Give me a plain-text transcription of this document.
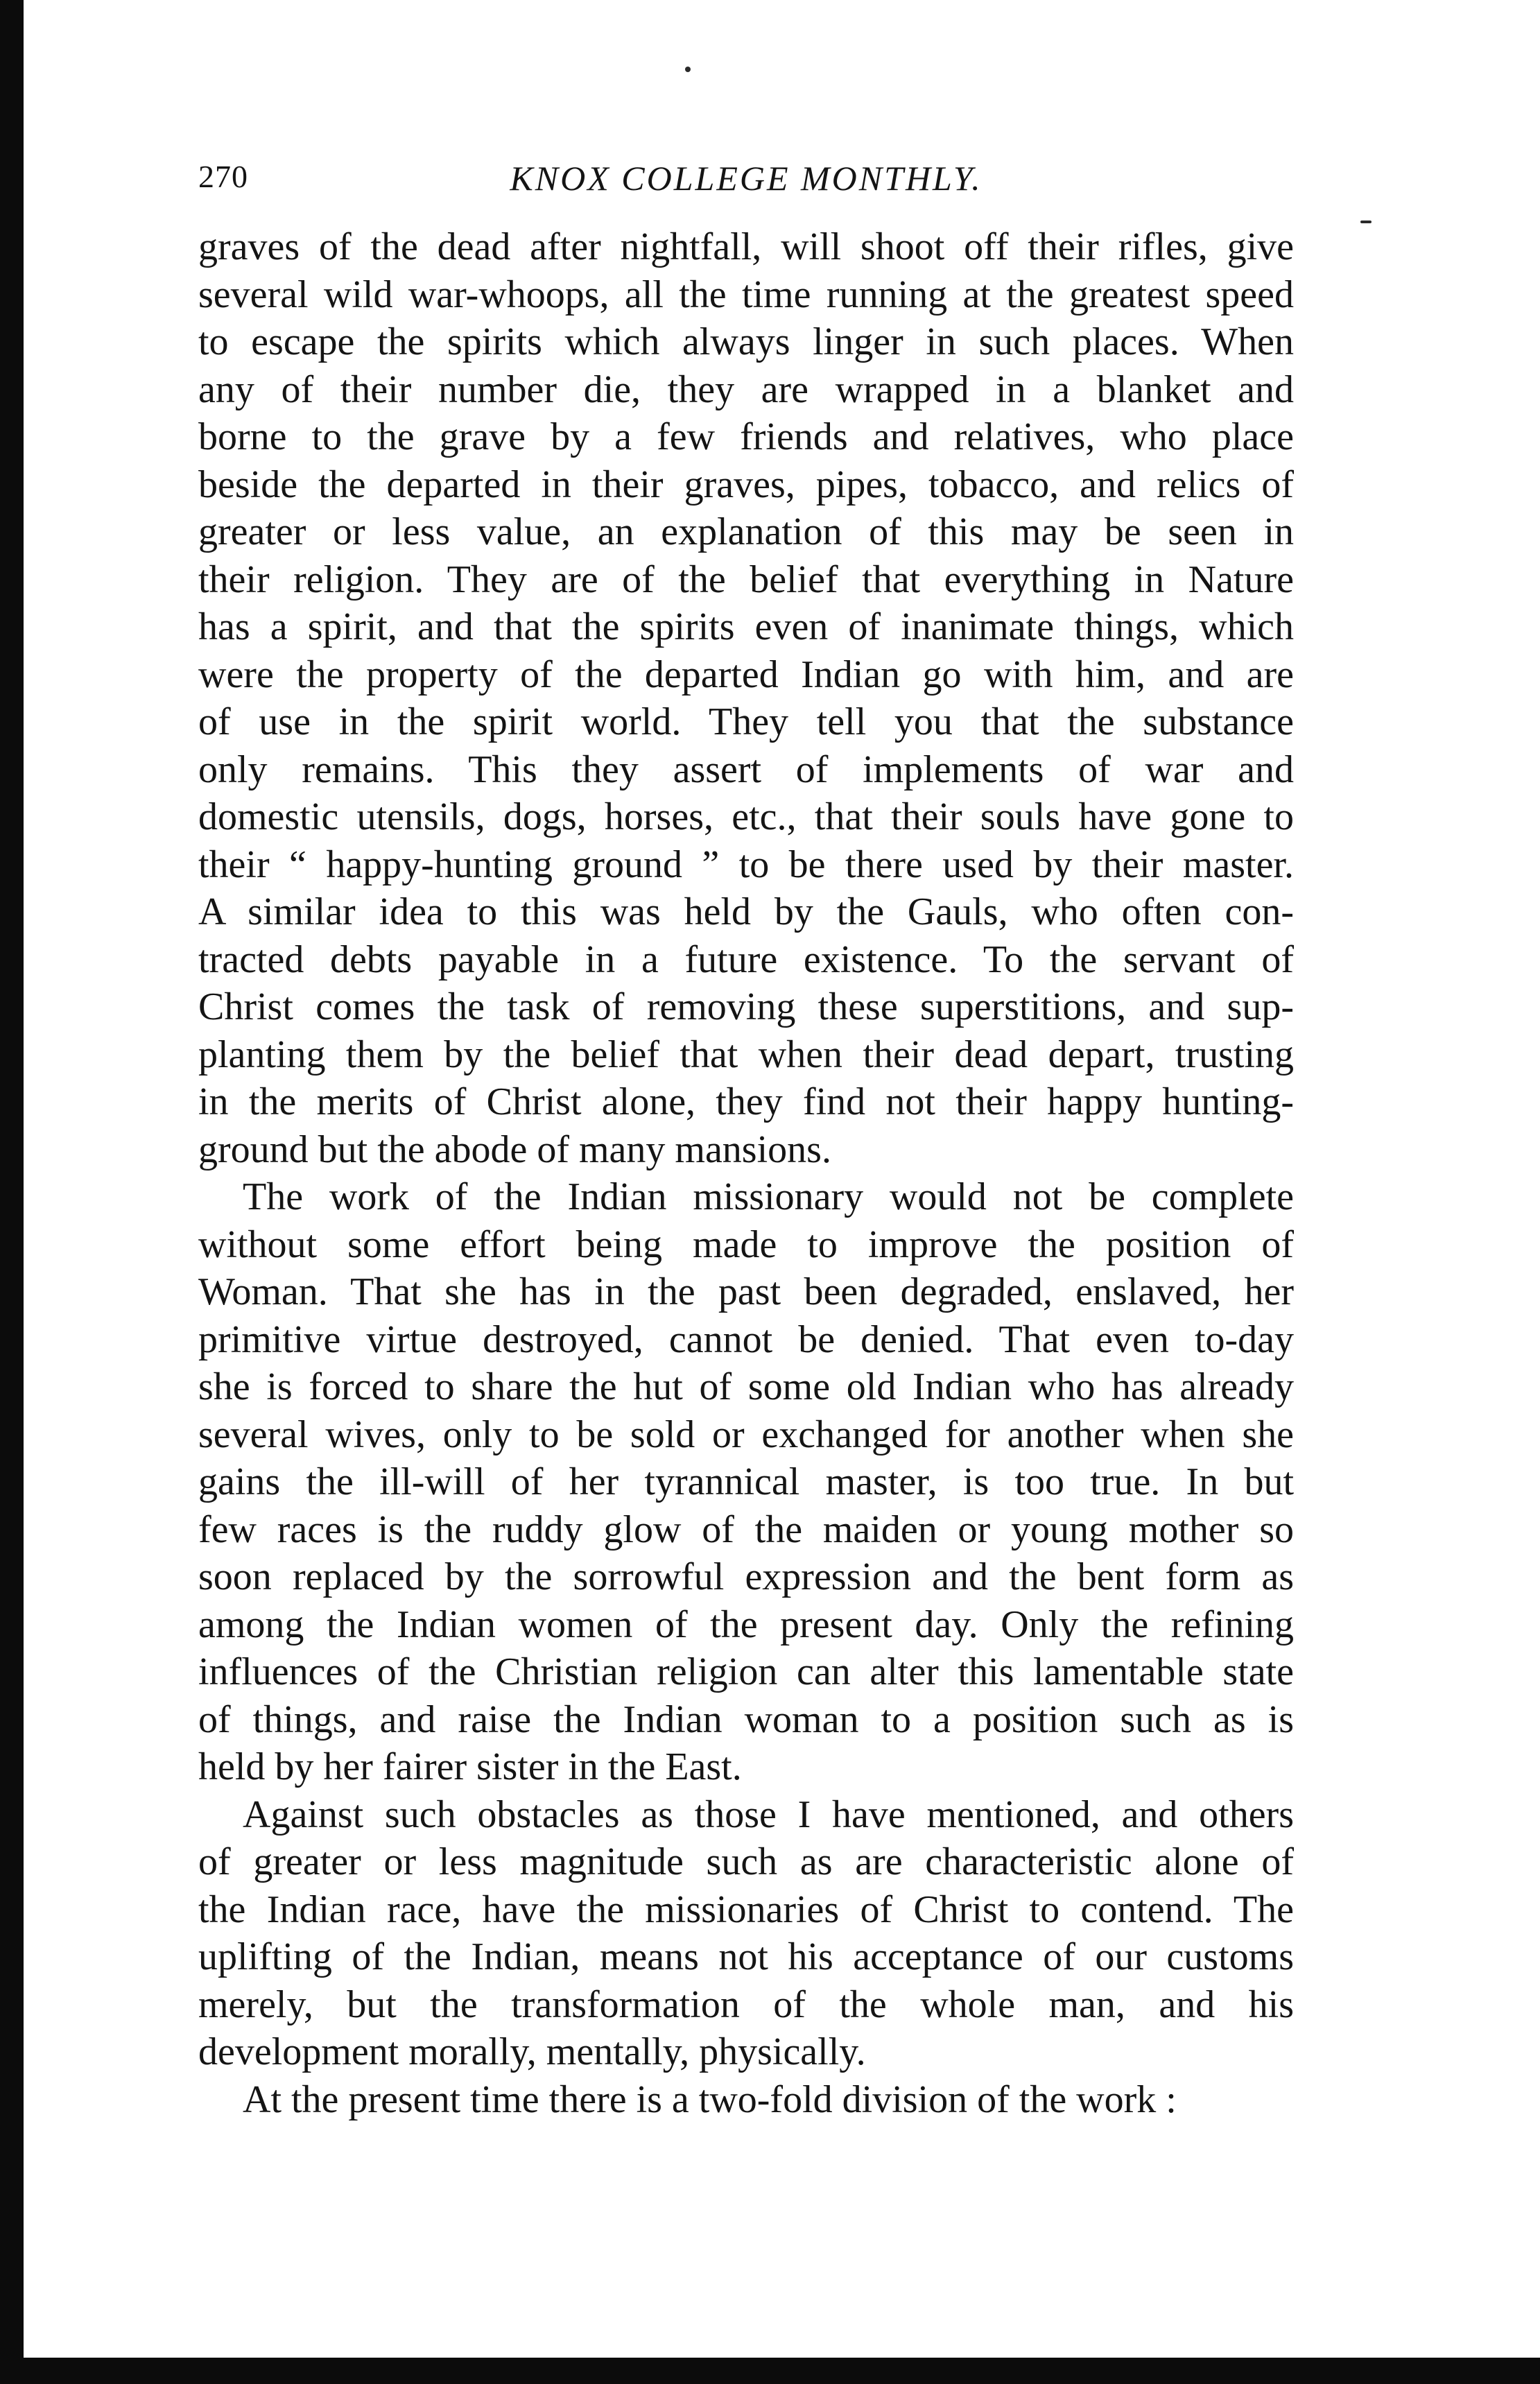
270	KNOX COLLEGE MONTHLY.

graves of the dead after nightfall, will shoot off their rifles, give
several wild war-whoops, all the time running at the greatest speed
to escape the spirits which always linger in such places. When
any of their number die, they are wrapped in a blanket and
borne to the grave by a few friends and relatives, who place
beside the departed in their graves, pipes, tobacco, and relics of
greater or less value, an explanation of this may be seen in
their religion. They are of the belief that everything in Nature
has a spirit, and that the spirits even of inanimate things, which
were the property of the departed Indian go with him, and are
of use in the spirit world. They tell you that the substance
only remains. This they assert of implements of war and
domestic utensils, dogs, horses, etc., that their souls have gone to
their “ happy-hunting ground ” to be there used by their master.
A similar idea to this was held by the Gauls, who often con-
tracted debts payable in a future existence. To the servant of
Christ comes the task of removing these superstitions, and sup-
planting them by the belief that when their dead depart, trusting
in the merits of Christ alone, they find not their happy hunting-
ground but the abode of many mansions.

The work of the Indian missionary would not be complete
without some effort being made to improve the position of
Woman. That she has in the past been degraded, enslaved, her
primitive virtue destroyed, cannot be denied. That even to-day
she is forced to share the hut of some old Indian who has already
several wives, only to be sold or exchanged for another when she
gains the ill-will of her tyrannical master, is too true. In but
few races is the ruddy glow of the maiden or young mother so
soon replaced by the sorrowful expression and the bent form as
among the Indian women of the present day. Only the refining
influences of the Christian religion can alter this lamentable state
of things, and raise the Indian woman to a position such as is
held by her fairer sister in the East.

Against such obstacles as those I have mentioned, and others
of greater or less magnitude such as are characteristic alone of
the Indian race, have the missionaries of Christ to contend. The
uplifting of the Indian, means not his acceptance of our customs
merely, but the transformation of the whole man, and his
development morally, mentally, physically.

At the present time there is a two-fold division of the work :
